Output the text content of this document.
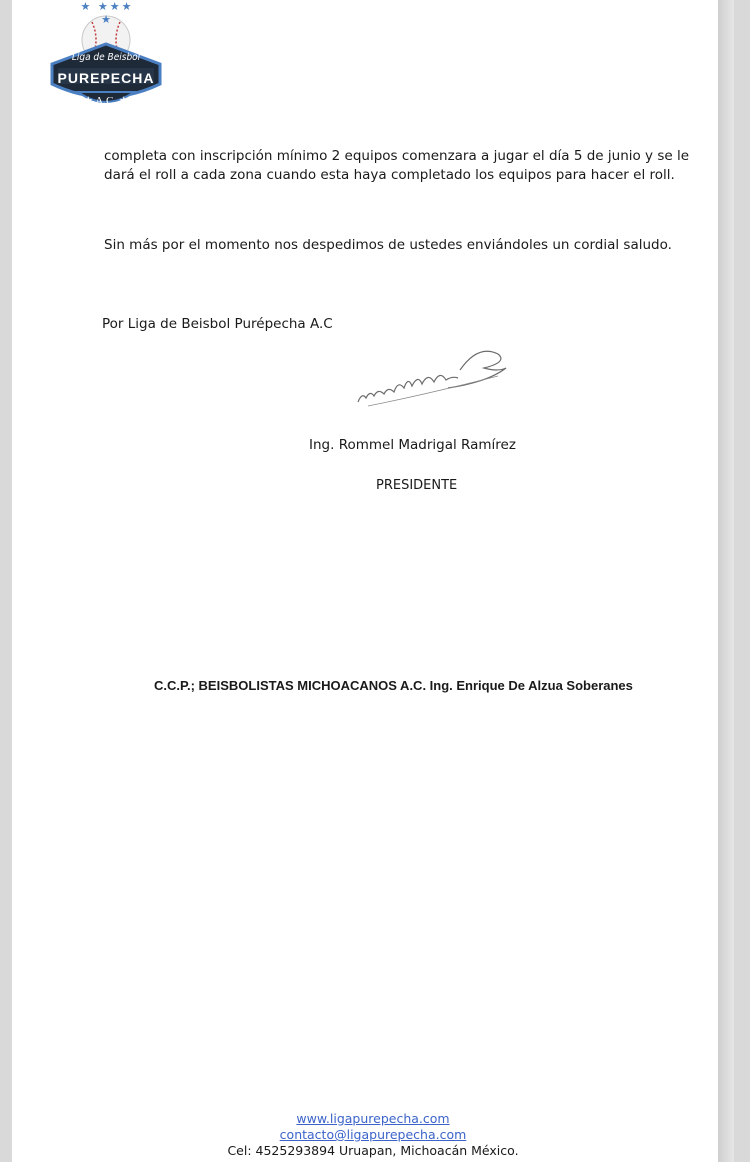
★ ★★★ ★
Liga de Beisbol
PUREPECHA
★ A.C. ★
completa con inscripción mínimo 2 equipos comenzara a jugar el día 5 de junio y se le dará el roll a cada zona cuando esta haya completado los equipos para hacer el roll.
Sin más por el momento nos despedimos de ustedes enviándoles un cordial saludo.
Por Liga de Beisbol Purépecha A.C
Ing. Rommel Madrigal Ramírez
PRESIDENTE
C.C.P.; BEISBOLISTAS MICHOACANOS A.C. Ing. Enrique De Alzua Soberanes
www.ligapurepecha.com
contacto@ligapurepecha.com
Cel: 4525293894 Uruapan, Michoacán México.
